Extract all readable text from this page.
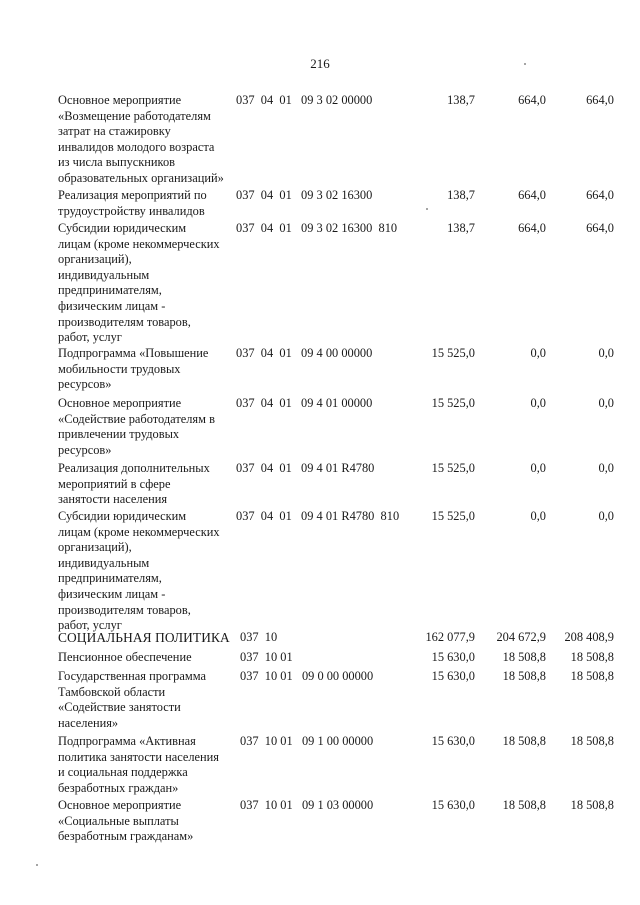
216
Основное мероприятие
«Возмещение работодателям
затрат на стажировку
инвалидов молодого возраста
из числа выпускников
образовательных организаций»
037  04  01   09 3 02 00000	138,7	664,0	664,0
Реализация мероприятий по
трудоустройству инвалидов
037  04  01   09 3 02 16300	138,7	664,0	664,0
Субсидии юридическим
лицам (кроме некоммерческих
организаций),
индивидуальным
предпринимателям,
физическим лицам -
производителям товаров,
работ, услуг
037  04  01   09 3 02 16300  810	138,7	664,0	664,0
Подпрограмма «Повышение
мобильности трудовых
ресурсов»
037  04  01   09 4 00 00000	15 525,0	0,0	0,0
Основное мероприятие
«Содействие работодателям в
привлечении трудовых
ресурсов»
037  04  01   09 4 01 00000	15 525,0	0,0	0,0
Реализация дополнительных
мероприятий в сфере
занятости населения
037  04  01   09 4 01 R4780	15 525,0	0,0	0,0
Субсидии юридическим
лицам (кроме некоммерческих
организаций),
индивидуальным
предпринимателям,
физическим лицам -
производителям товаров,
работ, услуг
037  04  01   09 4 01 R4780  810	15 525,0	0,0	0,0
СОЦИАЛЬНАЯ ПОЛИТИКА 037  10	162 077,9	204 672,9	208 408,9
Пенсионное обеспечение	037  10 01	15 630,0	18 508,8	18 508,8
Государственная программа
Тамбовской области
«Содействие занятости
населения»
037  10 01   09 0 00 00000	15 630,0	18 508,8	18 508,8
Подпрограмма «Активная
политика занятости населения
и социальная поддержка
безработных граждан»
037  10 01   09 1 00 00000	15 630,0	18 508,8	18 508,8
Основное мероприятие
«Социальные выплаты
безработным гражданам»
037  10 01   09 1 03 00000	15 630,0	18 508,8	18 508,8
